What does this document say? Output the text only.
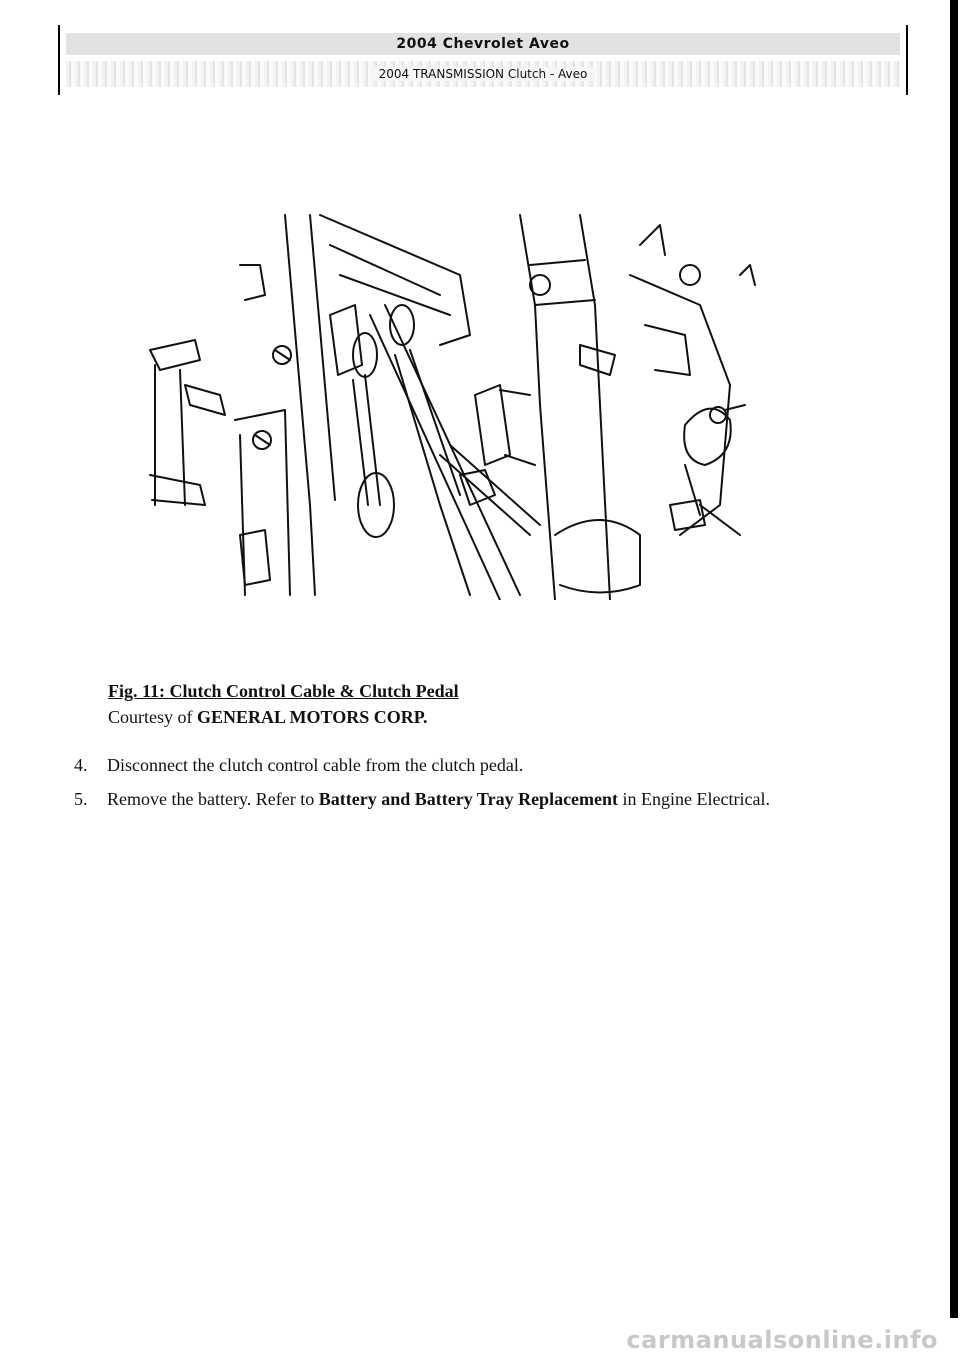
2004 Chevrolet Aveo
2004 TRANSMISSION Clutch - Aveo
Fig. 11: Clutch Control Cable & Clutch Pedal
Courtesy of GENERAL MOTORS CORP.
4.	Disconnect the clutch control cable from the clutch pedal.
5.	Remove the battery. Refer to Battery and Battery Tray Replacement in Engine Electrical.
carmanualsonline.info
